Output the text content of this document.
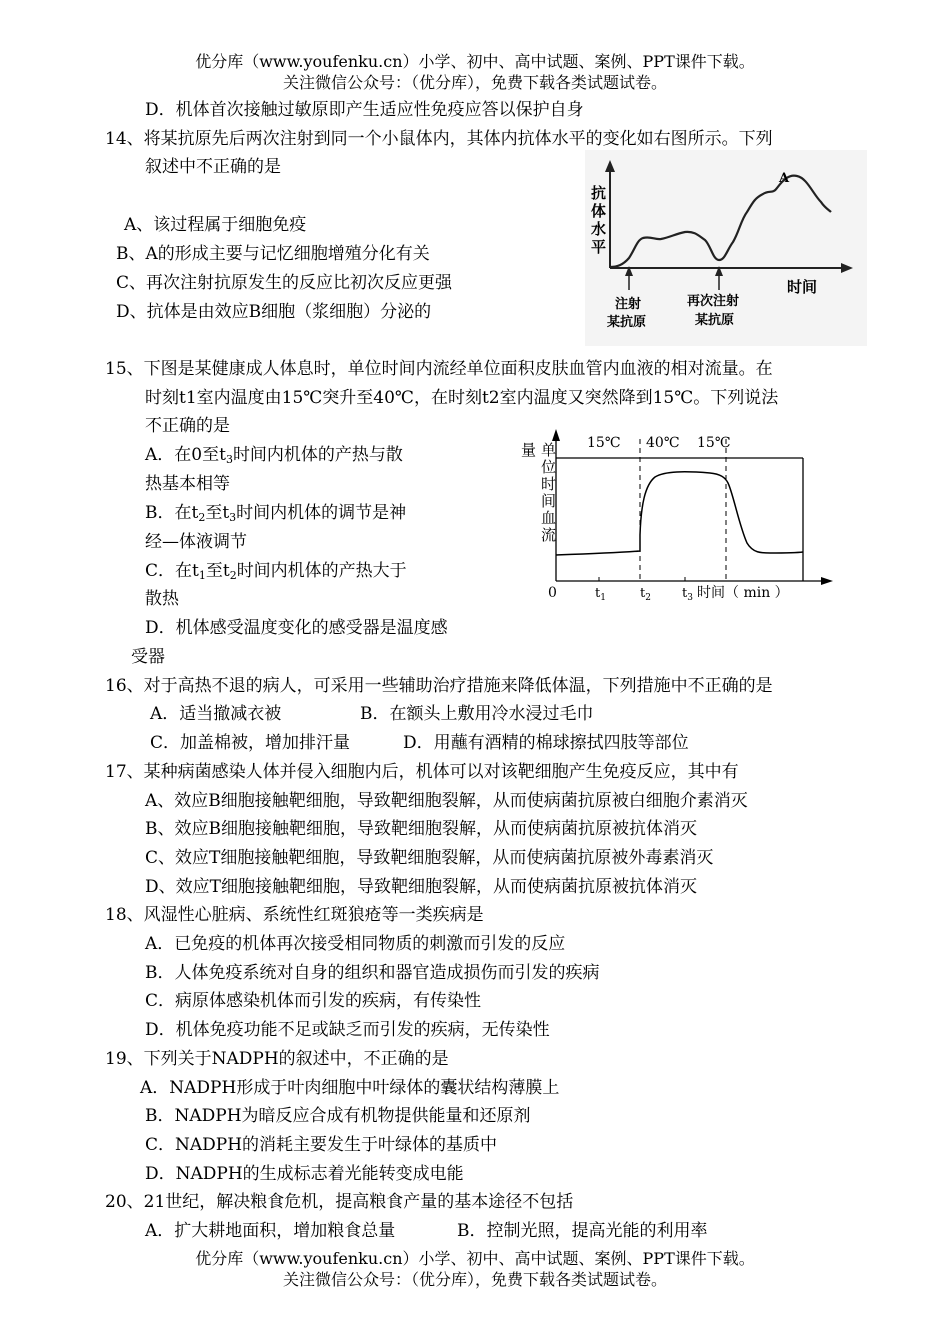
优分库（www.youfenku.cn）小学、初中、高中试题、案例、PPT课件下载。
关注微信公众号：（优分库），免费下载各类试题试卷。
D．机体首次接触过敏原即产生适应性免疫应答以保护自身
14、将某抗原先后两次注射到同一个小鼠体内，其体内抗体水平的变化如右图所示。下列
叙述中不正确的是
A、该过程属于细胞免疫
B、A的形成主要与记忆细胞增殖分化有关
C、再次注射抗原发生的反应比初次反应更强
D、抗体是由效应B细胞（浆细胞）分泌的
抗
体
水
平
A
时间
注射
某抗原
再次注射
某抗原
15、下图是某健康成人体息时，单位时间内流经单位面积皮肤血管内血液的相对流量。在
时刻t1室内温度由15℃突升至40℃，在时刻t2室内温度又突然降到15℃。下列说法
不正确的是
A．在0至$t_3$时间内机体的产热与散
热基本相等
B．在$t_2$至$t_3$时间内机体的调节是神
经—体液调节
C．在$t_1$至$t_2$时间内机体的产热大于
散热
D．机体感受温度变化的感受器是温度感
受器
量 单
位
时
间
血
流
15℃ 40℃ 15℃
0	$t_1$	$t_2$ $t_3$ 时间（ min ）
16、对于高热不退的病人，可采用一些辅助治疗措施来降低体温，下列措施中不正确的是
A．适当撤减衣被	B．在额头上敷用冷水浸过毛巾
C．加盖棉被，增加排汗量	D．用蘸有酒精的棉球擦拭四肢等部位
17、某种病菌感染人体并侵入细胞内后，机体可以对该靶细胞产生免疫反应，其中有
A、效应B细胞接触靶细胞，导致靶细胞裂解，从而使病菌抗原被白细胞介素消灭
B、效应B细胞接触靶细胞，导致靶细胞裂解，从而使病菌抗原被抗体消灭
C、效应T细胞接触靶细胞，导致靶细胞裂解，从而使病菌抗原被外毒素消灭
D、效应T细胞接触靶细胞，导致靶细胞裂解，从而使病菌抗原被抗体消灭
18、风湿性心脏病、系统性红斑狼疮等一类疾病是
A．已免疫的机体再次接受相同物质的刺激而引发的反应
B．人体免疫系统对自身的组织和器官造成损伤而引发的疾病
C．病原体感染机体而引发的疾病，有传染性
D．机体免疫功能不足或缺乏而引发的疾病，无传染性
19、下列关于NADPH的叙述中，不正确的是
A．NADPH形成于叶肉细胞中叶绿体的囊状结构薄膜上
B．NADPH为暗反应合成有机物提供能量和还原剂
C．NADPH的消耗主要发生于叶绿体的基质中
D．NADPH的生成标志着光能转变成电能
20、21世纪，解决粮食危机，提高粮食产量的基本途径不包括
A．扩大耕地面积，增加粮食总量	B．控制光照，提高光能的利用率
优分库（www.youfenku.cn）小学、初中、高中试题、案例、PPT课件下载。
关注微信公众号：（优分库），免费下载各类试题试卷。
